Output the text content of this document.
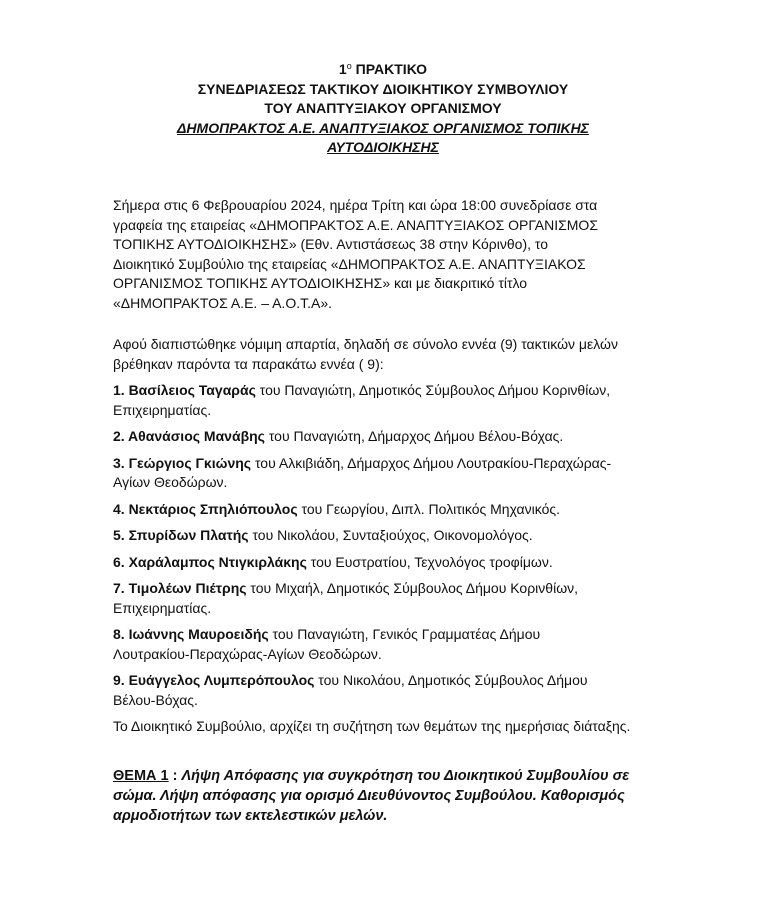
$1^o$ ΠΡΑΚΤΙΚΟ
ΣΥΝΕΔΡΙΑΣΕΩΣ ΤΑΚΤΙΚΟΥ ΔΙΟΙΚΗΤΙΚΟΥ ΣΥΜΒΟΥΛΙΟΥ
ΤΟΥ ΑΝΑΠΤΥΞΙΑΚΟΥ ΟΡΓΑΝΙΣΜΟΥ
ΔΗΜΟΠΡΑΚΤΟΣ Α.Ε. ΑΝΑΠΤΥΞΙΑΚΟΣ ΟΡΓΑΝΙΣΜΟΣ ΤΟΠΙΚΗΣ
ΑΥΤΟΔΙΟΙΚΗΣΗΣ

Σήμερα στις 6 Φεβρουαρίου 2024, ημέρα Τρίτη και ώρα 18:00 συνεδρίασε στα
γραφεία της εταιρείας «ΔΗΜΟΠΡΑΚΤΟΣ Α.Ε. ΑΝΑΠΤΥΞΙΑΚΟΣ ΟΡΓΑΝΙΣΜΟΣ
ΤΟΠΙΚΗΣ ΑΥΤΟΔΙΟΙΚΗΣΗΣ» (Εθν. Αντιστάσεως 38 στην Κόρινθο), το
Διοικητικό Συμβούλιο της εταιρείας «ΔΗΜΟΠΡΑΚΤΟΣ Α.Ε. ΑΝΑΠΤΥΞΙΑΚΟΣ
ΟΡΓΑΝΙΣΜΟΣ ΤΟΠΙΚΗΣ ΑΥΤΟΔΙΟΙΚΗΣΗΣ» και με διακριτικό τίτλο
«ΔΗΜΟΠΡΑΚΤΟΣ Α.Ε. – Α.Ο.Τ.Α».

Αφού διαπιστώθηκε νόμιμη απαρτία, δηλαδή σε σύνολο εννέα (9) τακτικών μελών
βρέθηκαν παρόντα τα παρακάτω εννέα ( 9):

1. Βασίλειος Ταγαράς του Παναγιώτη, Δημοτικός Σύμβουλος Δήμου Κορινθίων,
Επιχειρηματίας.

2. Αθανάσιος Μανάβης του Παναγιώτη, Δήμαρχος Δήμου Βέλου-Βόχας.

3. Γεώργιος Γκιώνης του Αλκιβιάδη, Δήμαρχος Δήμου Λουτρακίου-Περαχώρας-
Αγίων Θεοδώρων.

4. Νεκτάριος Σπηλιόπουλος του Γεωργίου, Διπλ. Πολιτικός Μηχανικός.

5. Σπυρίδων Πλατής του Νικολάου, Συνταξιούχος, Οικονομολόγος.

6. Χαράλαμπος Ντιγκιρλάκης του Ευστρατίου, Τεχνολόγος τροφίμων.

7. Τιμολέων Πιέτρης του Μιχαήλ, Δημοτικός Σύμβουλος Δήμου Κορινθίων,
Επιχειρηματίας.

8. Ιωάννης Μαυροειδής του Παναγιώτη, Γενικός Γραμματέας Δήμου
Λουτρακίου-Περαχώρας-Αγίων Θεοδώρων.

9. Ευάγγελος Λυμπερόπουλος του Νικολάου, Δημοτικός Σύμβουλος Δήμου
Βέλου-Βόχας.

Το Διοικητικό Συμβούλιο, αρχίζει τη συζήτηση των θεμάτων της ημερήσιας διάταξης.

ΘΕΜΑ 1 : Λήψη Απόφασης για συγκρότηση του Διοικητικού Συμβουλίου σε
σώμα. Λήψη απόφασης για ορισμό Διευθύνοντος Συμβούλου. Καθορισμός
αρμοδιοτήτων των εκτελεστικών μελών.
